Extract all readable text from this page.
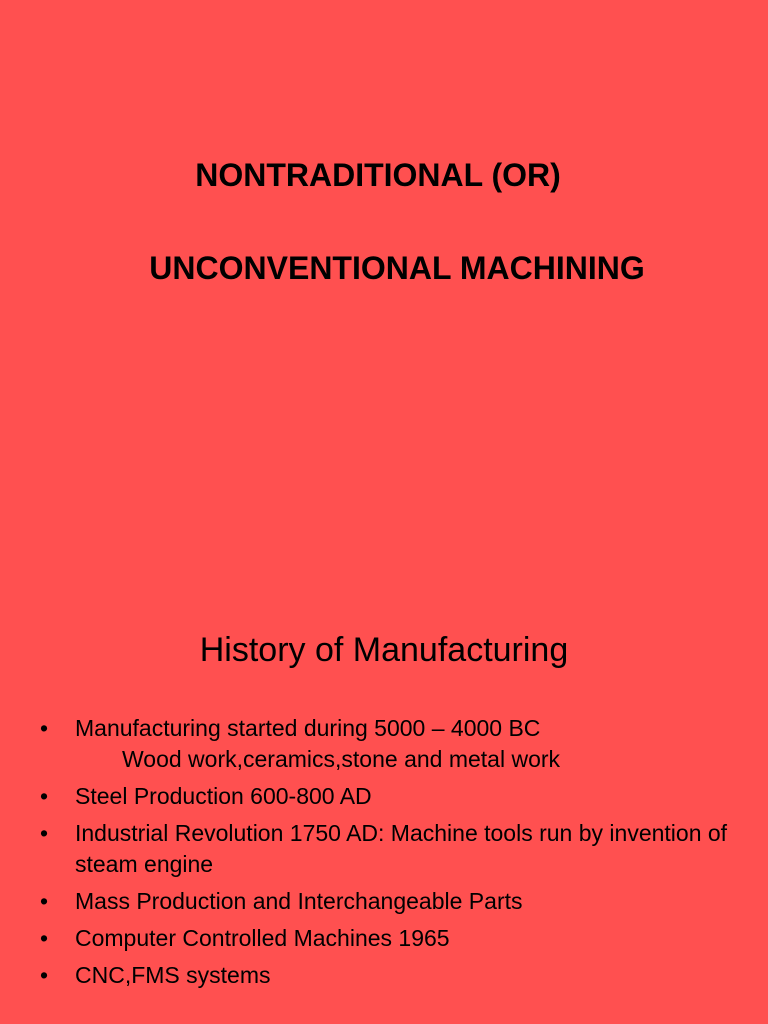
NONTRADITIONAL (OR)
UNCONVENTIONAL MACHINING
History of Manufacturing
• Manufacturing started during 5000 – 4000 BC
Wood work,ceramics,stone and metal work
• Steel Production 600-800 AD
• Industrial Revolution 1750 AD: Machine tools run by invention of steam engine
• Mass Production and Interchangeable Parts
• Computer Controlled Machines 1965
• CNC,FMS systems
